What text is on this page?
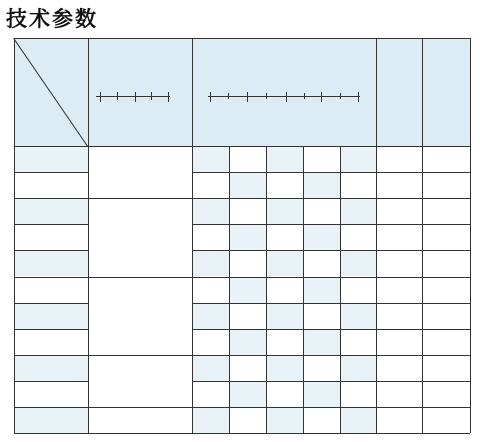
技术参数
